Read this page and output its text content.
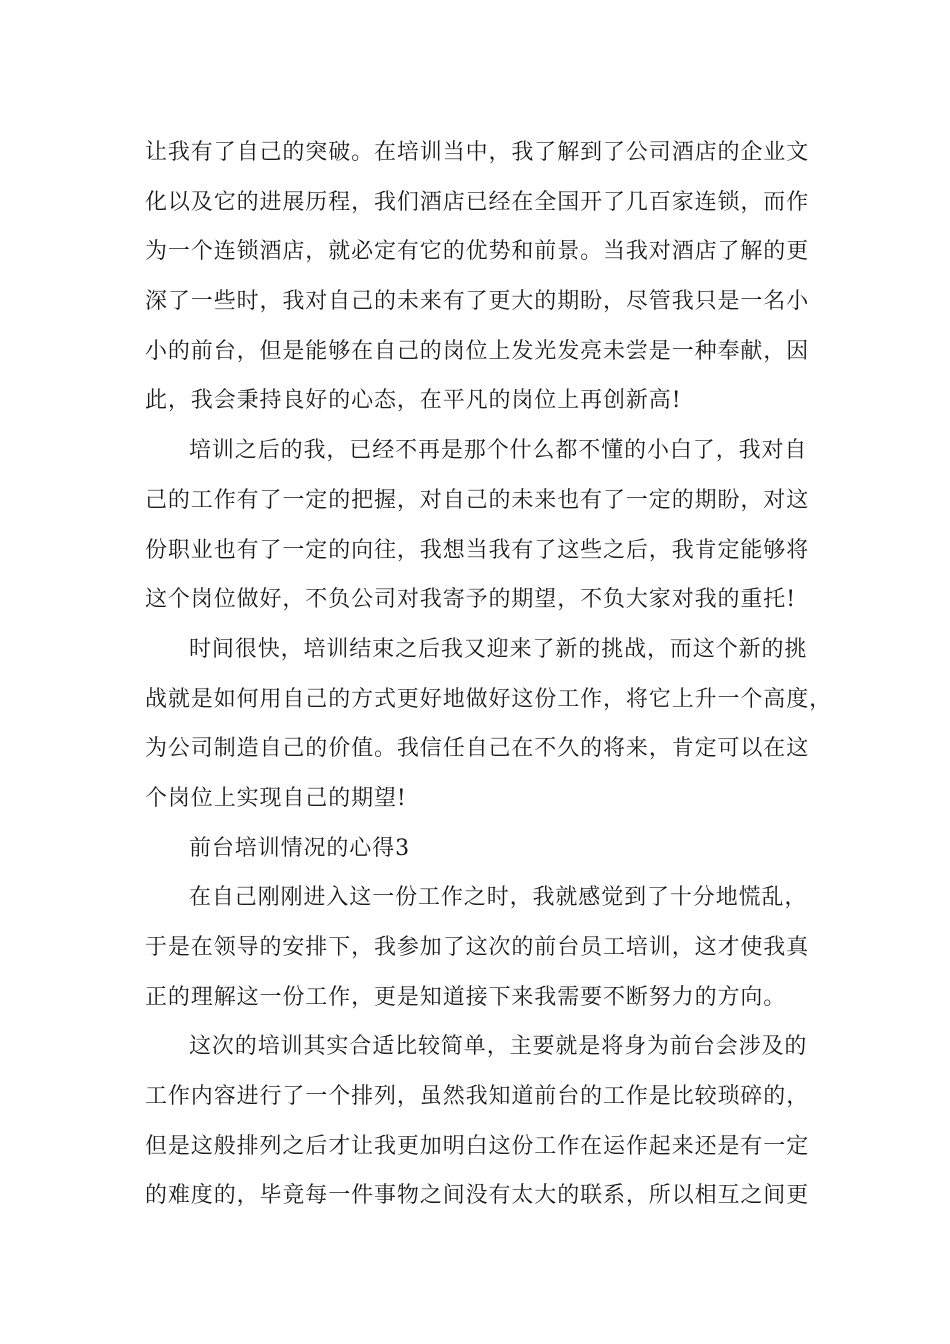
让我有了自己的突破。在培训当中，我了解到了公司酒店的企业文
化以及它的进展历程，我们酒店已经在全国开了几百家连锁，而作
为一个连锁酒店，就必定有它的优势和前景。当我对酒店了解的更
深了一些时，我对自己的未来有了更大的期盼，尽管我只是一名小
小的前台，但是能够在自己的岗位上发光发亮未尝是一种奉献，因
此，我会秉持良好的心态，在平凡的岗位上再创新高!
培训之后的我，已经不再是那个什么都不懂的小白了，我对自
己的工作有了一定的把握，对自己的未来也有了一定的期盼，对这
份职业也有了一定的向往，我想当我有了这些之后，我肯定能够将
这个岗位做好，不负公司对我寄予的期望，不负大家对我的重托!
时间很快，培训结束之后我又迎来了新的挑战，而这个新的挑
战就是如何用自己的方式更好地做好这份工作，将它上升一个高度，
为公司制造自己的价值。我信任自己在不久的将来，肯定可以在这
个岗位上实现自己的期望!
前台培训情况的心得3
在自己刚刚进入这一份工作之时，我就感觉到了十分地慌乱，
于是在领导的安排下，我参加了这次的前台员工培训，这才使我真
正的理解这一份工作，更是知道接下来我需要不断努力的方向。
这次的培训其实合适比较简单，主要就是将身为前台会涉及的
工作内容进行了一个排列，虽然我知道前台的工作是比较琐碎的，
但是这般排列之后才让我更加明白这份工作在运作起来还是有一定
的难度的，毕竟每一件事物之间没有太大的联系，所以相互之间更
